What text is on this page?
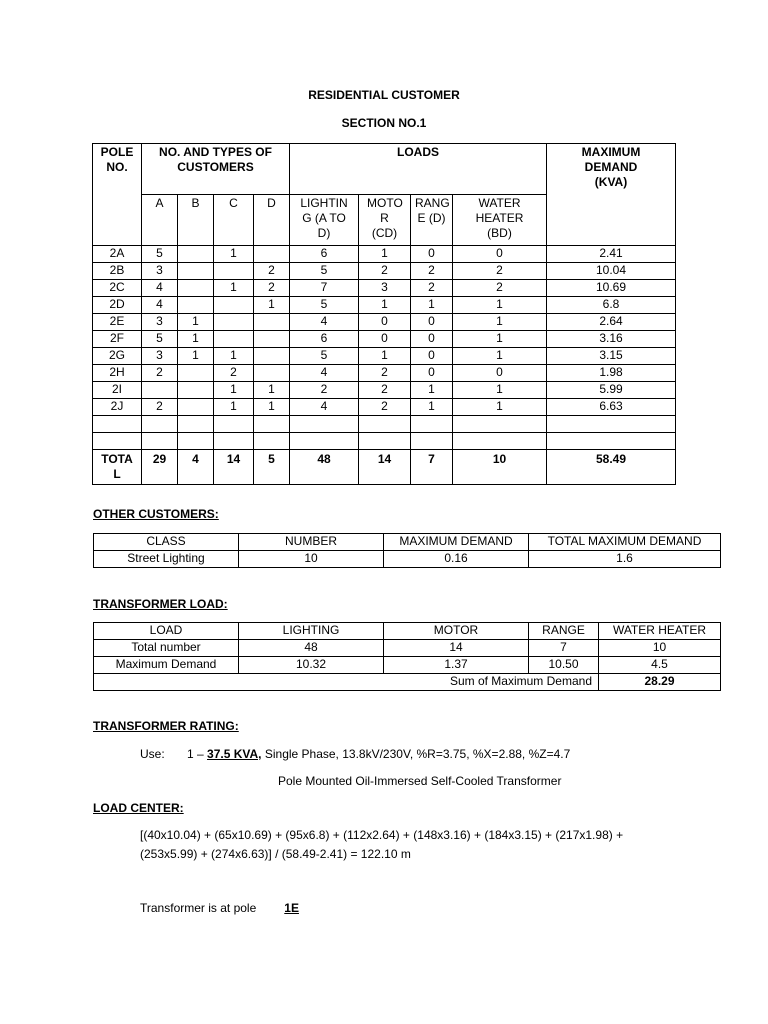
RESIDENTIAL CUSTOMER
SECTION NO.1
POLE NO.	NO. AND TYPES OF CUSTOMERS				LOADS				MAXIMUM DEMAND (KVA)
	A	B	C	D	LIGHTIN G (A TO D)	MOTO R (CD)	RANG E (D)	WATER HEATER (BD)	
2A	5		1		6	1	0	0	2.41
2B	3			2	5	2	2	2	10.04
2C	4		1	2	7	3	2	2	10.69
2D	4			1	5	1	1	1	6.8
2E	3	1			4	0	0	1	2.64
2F	5	1			6	0	0	1	3.16
2G	3	1	1		5	1	0	1	3.15
2H	2		2		4	2	0	0	1.98
2I			1	1	2	2	1	1	5.99
2J	2		1	1	4	2	1	1	6.63

TOTA L	29	4	14	5	48	14	7	10	58.49
OTHER CUSTOMERS:
CLASS	NUMBER	MAXIMUM DEMAND	TOTAL MAXIMUM DEMAND
Street Lighting	10	0.16	1.6
TRANSFORMER LOAD:
LOAD	LIGHTING	MOTOR	RANGE	WATER HEATER
Total number	48	14	7	10
Maximum Demand	10.32	1.37	10.50	4.5
Sum of Maximum Demand				28.29
TRANSFORMER RATING:
Use: 1 – 37.5 KVA, Single Phase, 13.8kV/230V, %R=3.75, %X=2.88, %Z=4.7
Pole Mounted Oil-Immersed Self-Cooled Transformer
LOAD CENTER:
[(40x10.04) + (65x10.69) + (95x6.8) + (112x2.64) + (148x3.16) + (184x3.15) + (217x1.98) +
(253x5.99) + (274x6.63)] / (58.49-2.41) = 122.10 m
Transformer is at pole 1E
